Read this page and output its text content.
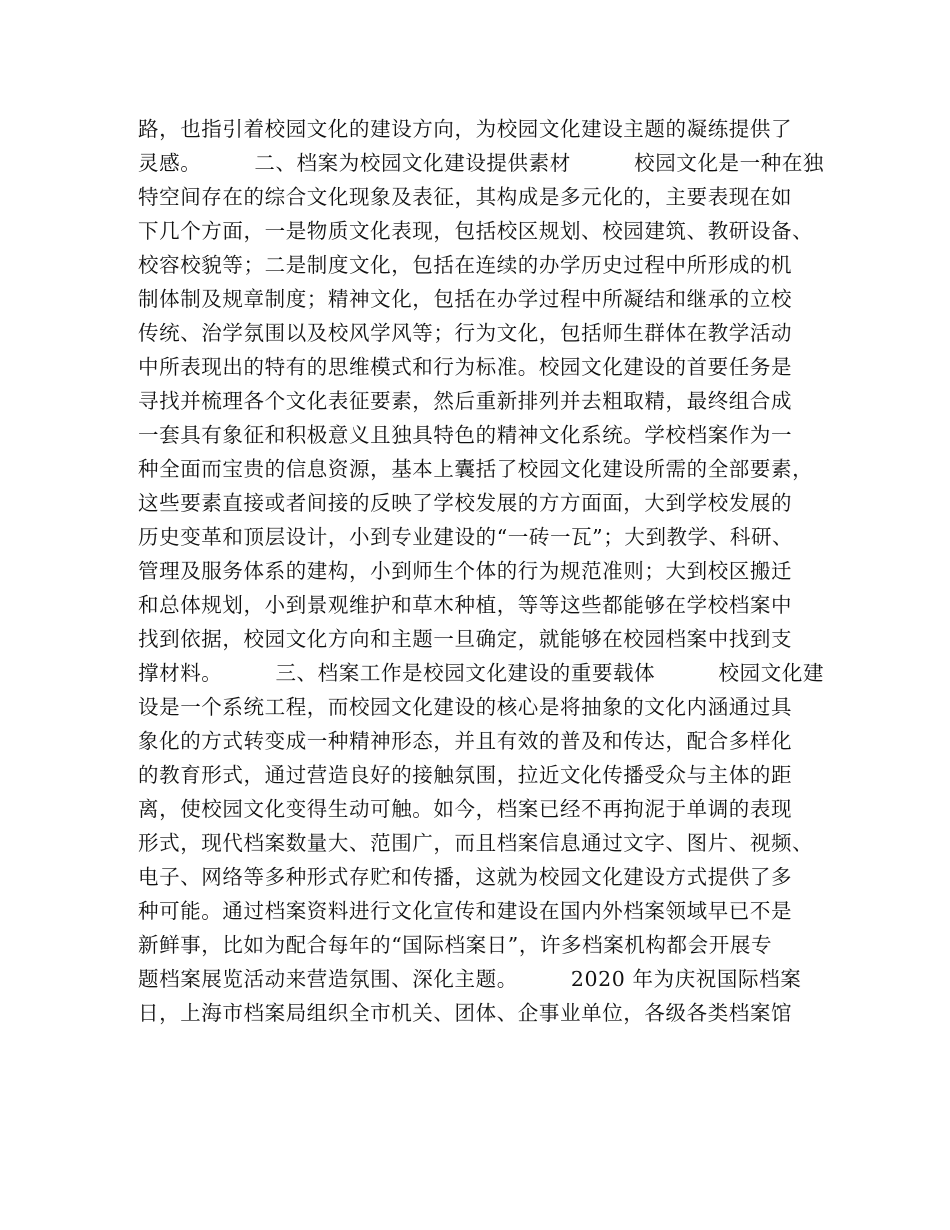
路，也指引着校园文化的建设方向，为校园文化建设主题的凝练提供了
灵感。　　　二、档案为校园文化建设提供素材　　　校园文化是一种在独
特空间存在的综合文化现象及表征，其构成是多元化的，主要表现在如
下几个方面，一是物质文化表现，包括校区规划、校园建筑、教研设备、
校容校貌等；二是制度文化，包括在连续的办学历史过程中所形成的机
制体制及规章制度；精神文化，包括在办学过程中所凝结和继承的立校
传统、治学氛围以及校风学风等；行为文化，包括师生群体在教学活动
中所表现出的特有的思维模式和行为标准。校园文化建设的首要任务是
寻找并梳理各个文化表征要素，然后重新排列并去粗取精，最终组合成
一套具有象征和积极意义且独具特色的精神文化系统。学校档案作为一
种全面而宝贵的信息资源，基本上囊括了校园文化建设所需的全部要素，
这些要素直接或者间接的反映了学校发展的方方面面，大到学校发展的
历史变革和顶层设计，小到专业建设的“一砖一瓦”；大到教学、科研、
管理及服务体系的建构，小到师生个体的行为规范准则；大到校区搬迁
和总体规划，小到景观维护和草木种植，等等这些都能够在学校档案中
找到依据，校园文化方向和主题一旦确定，就能够在校园档案中找到支
撑材料。　　　三、档案工作是校园文化建设的重要载体　　　校园文化建
设是一个系统工程，而校园文化建设的核心是将抽象的文化内涵通过具
象化的方式转变成一种精神形态，并且有效的普及和传达，配合多样化
的教育形式，通过营造良好的接触氛围，拉近文化传播受众与主体的距
离，使校园文化变得生动可触。如今，档案已经不再拘泥于单调的表现
形式，现代档案数量大、范围广，而且档案信息通过文字、图片、视频、
电子、网络等多种形式存贮和传播，这就为校园文化建设方式提供了多
种可能。通过档案资料进行文化宣传和建设在国内外档案领域早已不是
新鲜事，比如为配合每年的“国际档案日”，许多档案机构都会开展专
题档案展览活动来营造氛围、深化主题。　　　2020 年为庆祝国际档案
日，上海市档案局组织全市机关、团体、企事业单位，各级各类档案馆
